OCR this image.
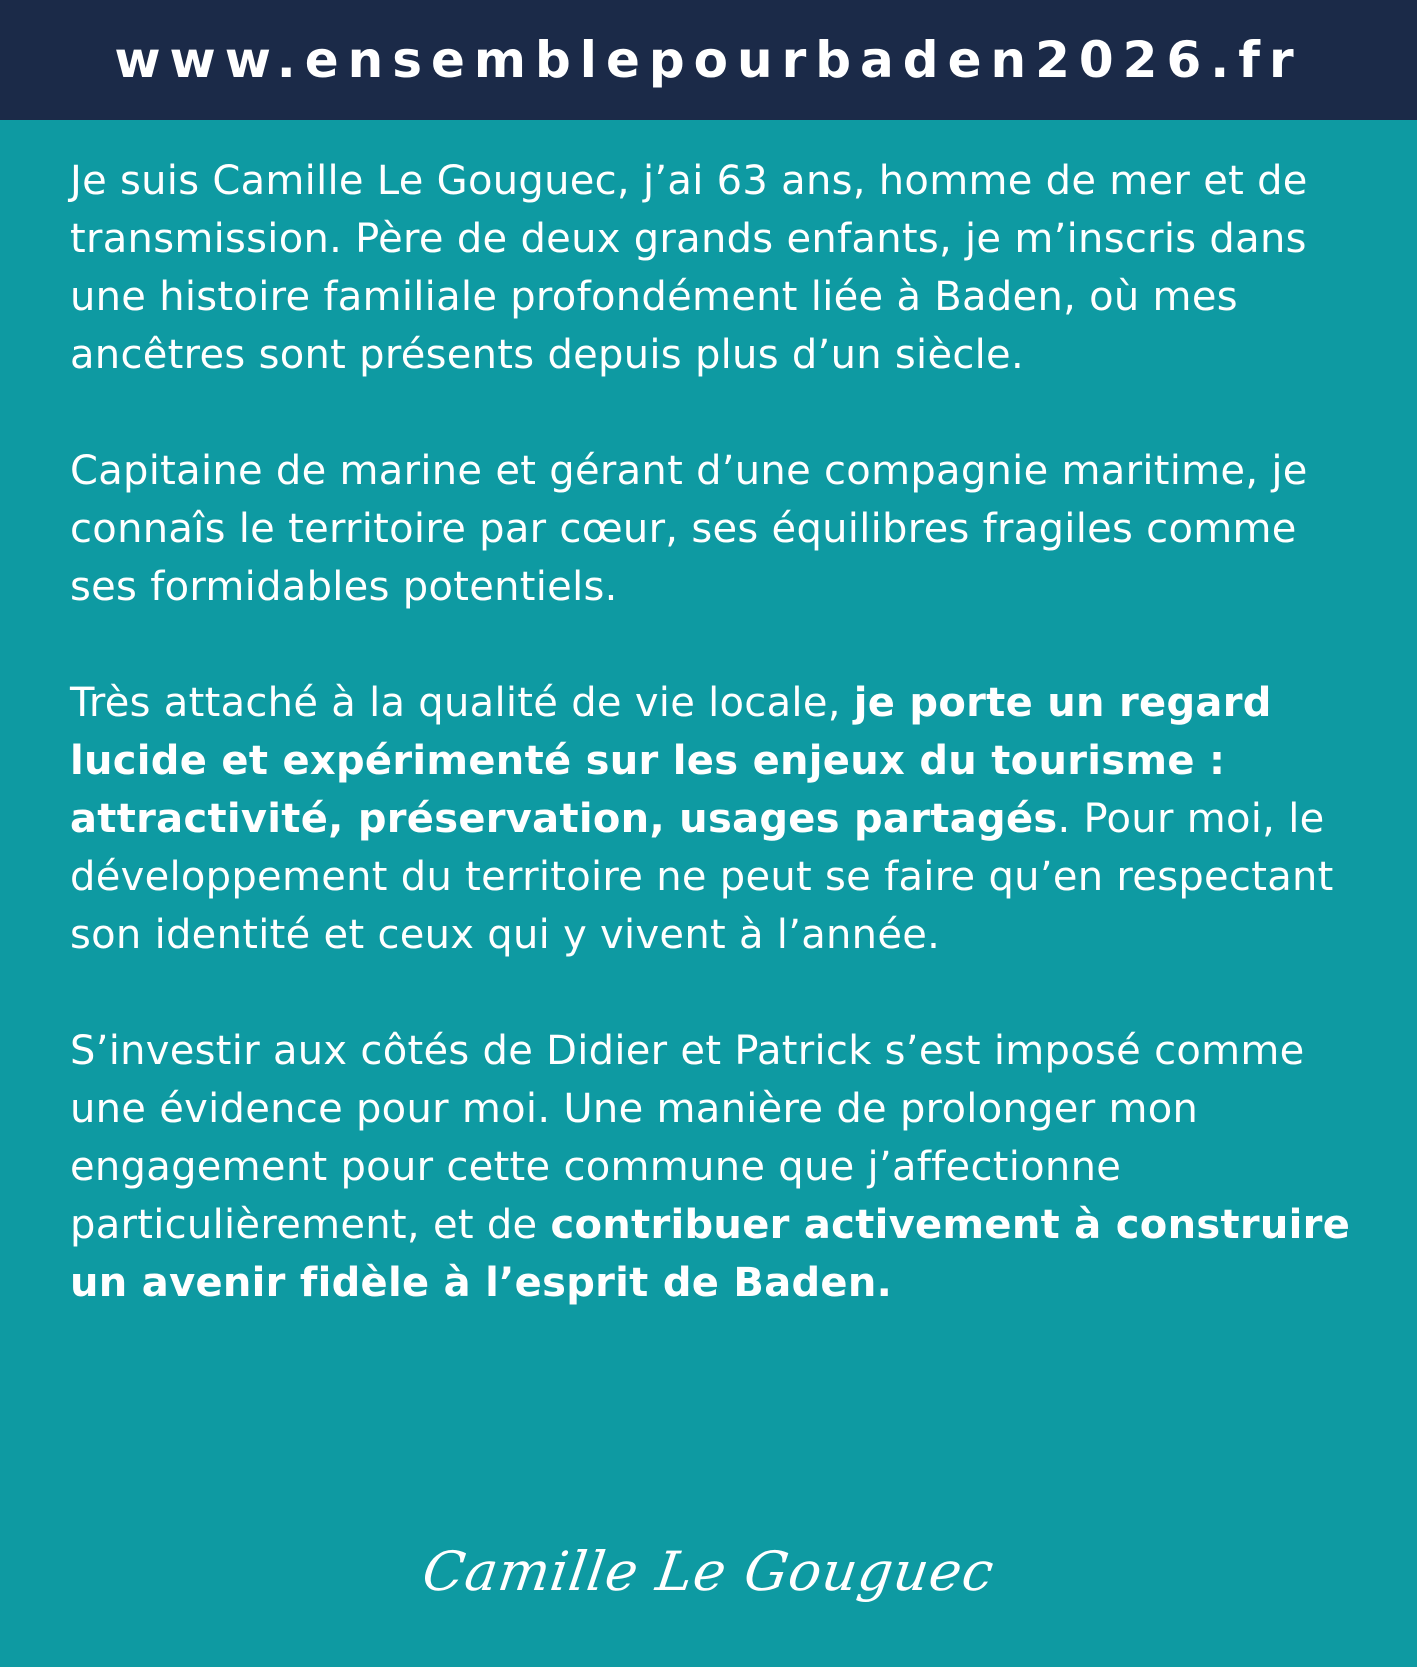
www.ensemblepourbaden2026.fr

Je suis Camille Le Gouguec, j’ai 63 ans, homme de mer et de transmission. Père de deux grands enfants, je m’inscris dans une histoire familiale profondément liée à Baden, où mes ancêtres sont présents depuis plus d’un siècle.

Capitaine de marine et gérant d’une compagnie maritime, je connaîs le territoire par cœur, ses équilibres fragiles comme ses formidables potentiels.

Très attaché à la qualité de vie locale, je porte un regard lucide et expérimenté sur les enjeux du tourisme : attractivité, préservation, usages partagés. Pour moi, le développement du territoire ne peut se faire qu’en respectant son identité et ceux qui y vivent à l’année.

S’investir aux côtés de Didier et Patrick s’est imposé comme une évidence pour moi. Une manière de prolonger mon engagement pour cette commune que j’affectionne particulièrement, et de contribuer activement à construire un avenir fidèle à l’esprit de Baden.

Camille Le Gouguec
